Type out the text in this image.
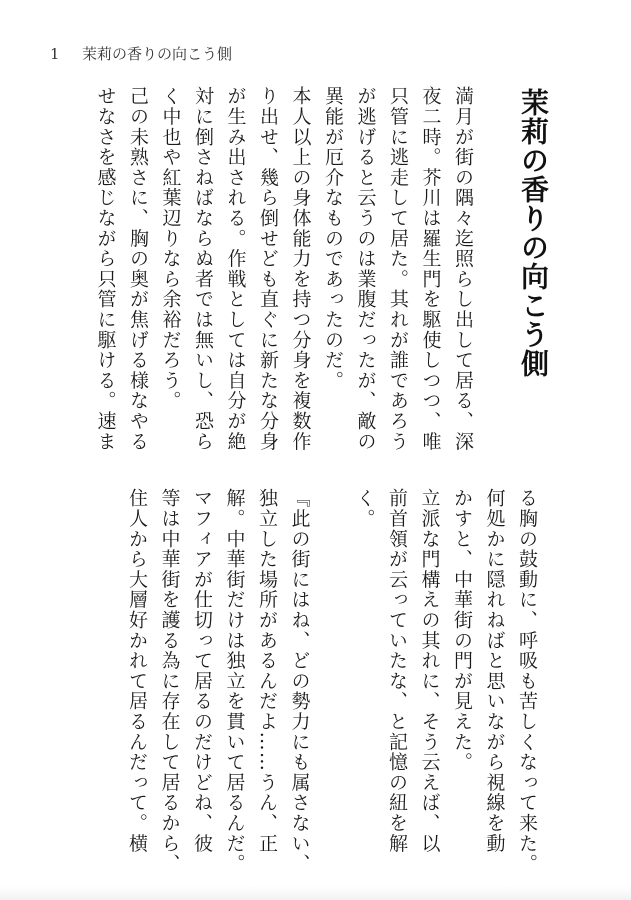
1 茉莉の香りの向こう側
茉莉の香りの向こう側
満月が街の隅々迄照らし出して居る、深
夜二時。芥川は羅生門を駆使しつつ、唯
只管に逃走して居た。其れが誰であろう
が逃げると云うのは業腹だったが、敵の
異能が厄介なものであったのだ。
本人以上の身体能力を持つ分身を複数作
り出せ、幾ら倒せども直ぐに新たな分身
が生み出される。作戦としては自分が絶
対に倒さねばならぬ者では無いし、恐ら
く中也や紅葉辺りなら余裕だろう。
己の未熟さに、胸の奥が焦げる様なやる
せなさを感じながら只管に駆ける。速ま
る胸の鼓動に、呼吸も苦しくなって来た。
何処かに隠れねばと思いながら視線を動
かすと、中華街の門が見えた。
立派な門構えの其れに、そう云えば、以
前首領が云っていたな、と記憶の紐を解
く。

『此の街にはね、どの勢力にも属さない、
独立した場所があるんだよ……うん、正
解。中華街だけは独立を貫いて居るんだ。
マフィアが仕切って居るのだけどね、彼
等は中華街を護る為に存在して居るから、
住人から大層好かれて居るんだって。横
